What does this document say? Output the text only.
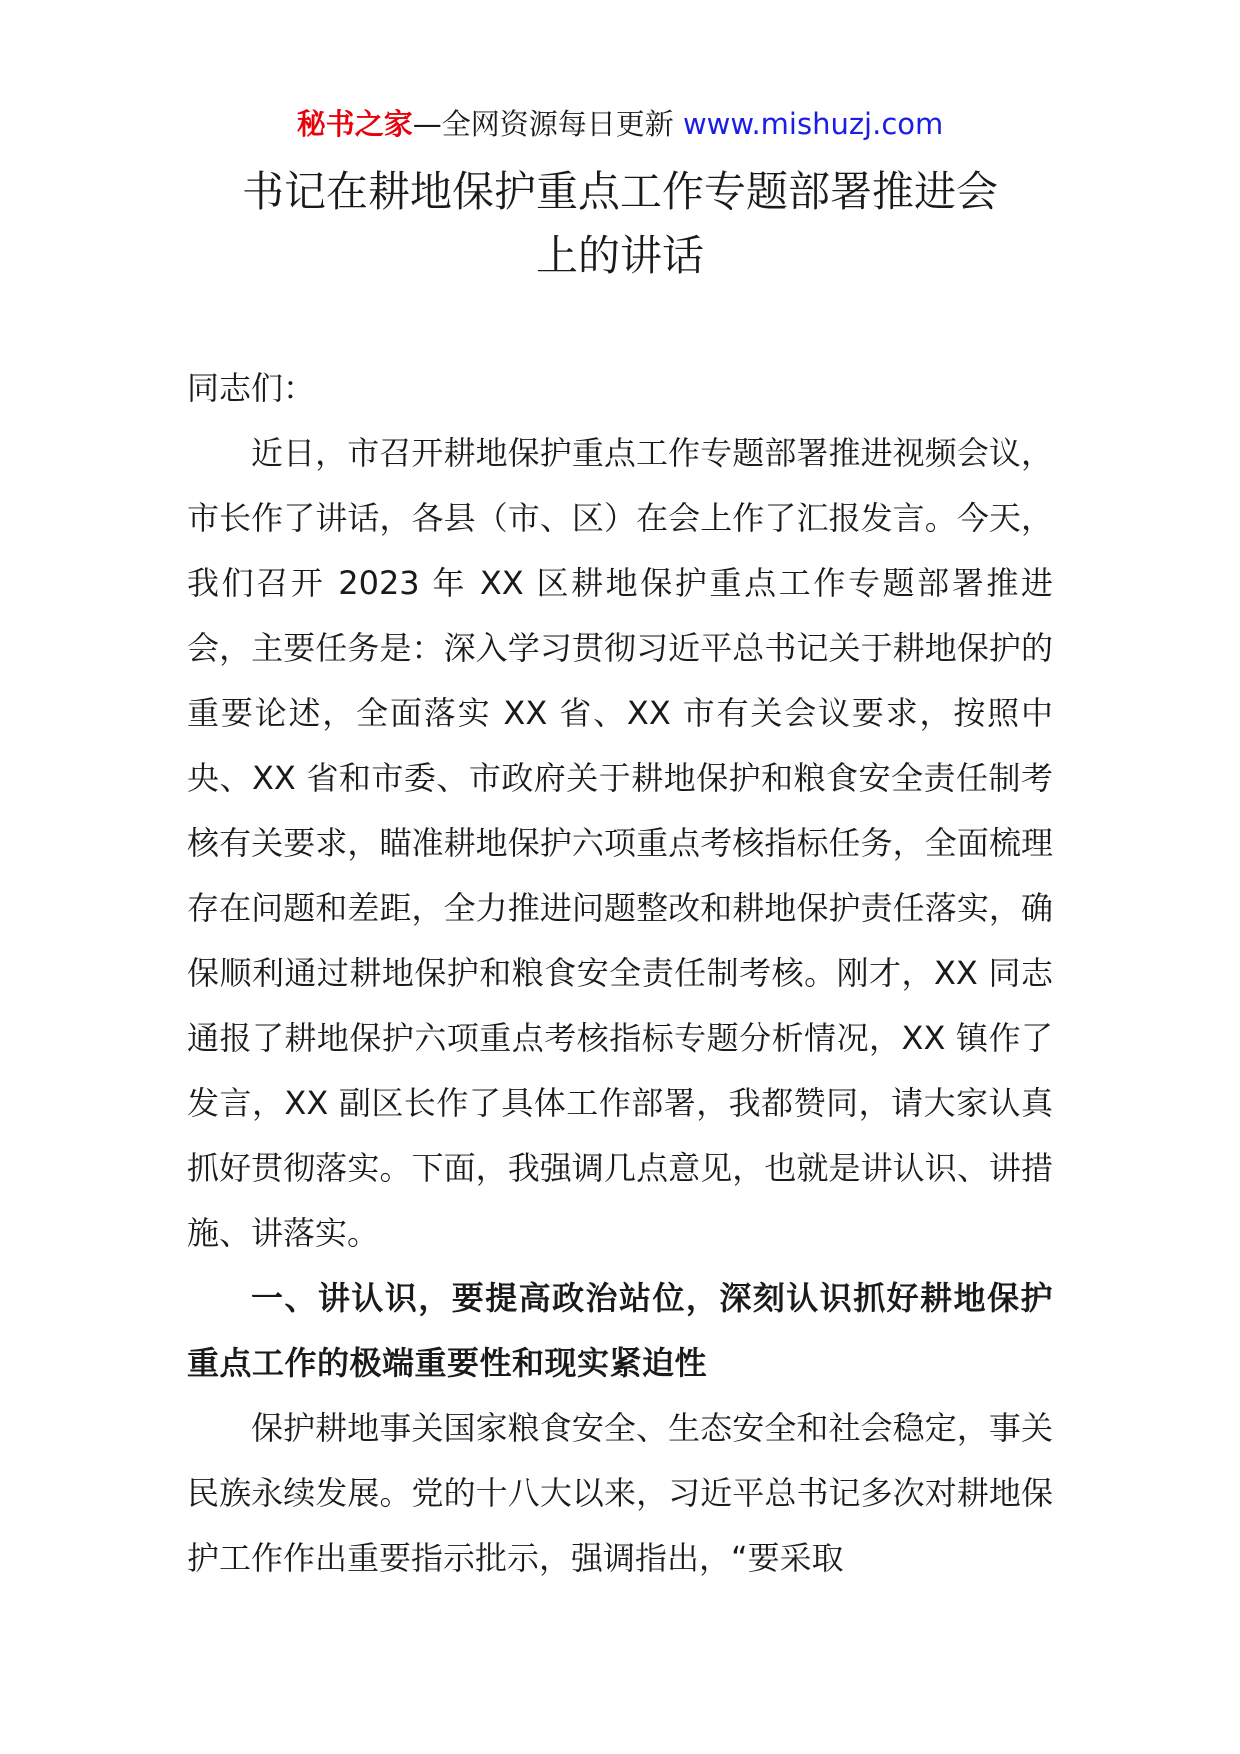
秘书之家—全网资源每日更新 www.mishuzj.com
书记在耕地保护重点工作专题部署推进会
上的讲话

同志们：

近日，市召开耕地保护重点工作专题部署推进视频会议，市长作了讲话，各县（市、区）在会上作了汇报发言。今天，我们召开 2023 年 XX 区耕地保护重点工作专题部署推进会，主要任务是：深入学习贯彻习近平总书记关于耕地保护的重要论述，全面落实 XX 省、XX 市有关会议要求，按照中央、XX 省和市委、市政府关于耕地保护和粮食安全责任制考核有关要求，瞄准耕地保护六项重点考核指标任务，全面梳理存在问题和差距，全力推进问题整改和耕地保护责任落实，确保顺利通过耕地保护和粮食安全责任制考核。刚才，XX 同志通报了耕地保护六项重点考核指标专题分析情况，XX 镇作了发言，XX 副区长作了具体工作部署，我都赞同，请大家认真抓好贯彻落实。下面，我强调几点意见，也就是讲认识、讲措施、讲落实。

一、讲认识，要提高政治站位，深刻认识抓好耕地保护重点工作的极端重要性和现实紧迫性

保护耕地事关国家粮食安全、生态安全和社会稳定，事关民族永续发展。党的十八大以来，习近平总书记多次对耕地保护工作作出重要指示批示，强调指出，“要采取
